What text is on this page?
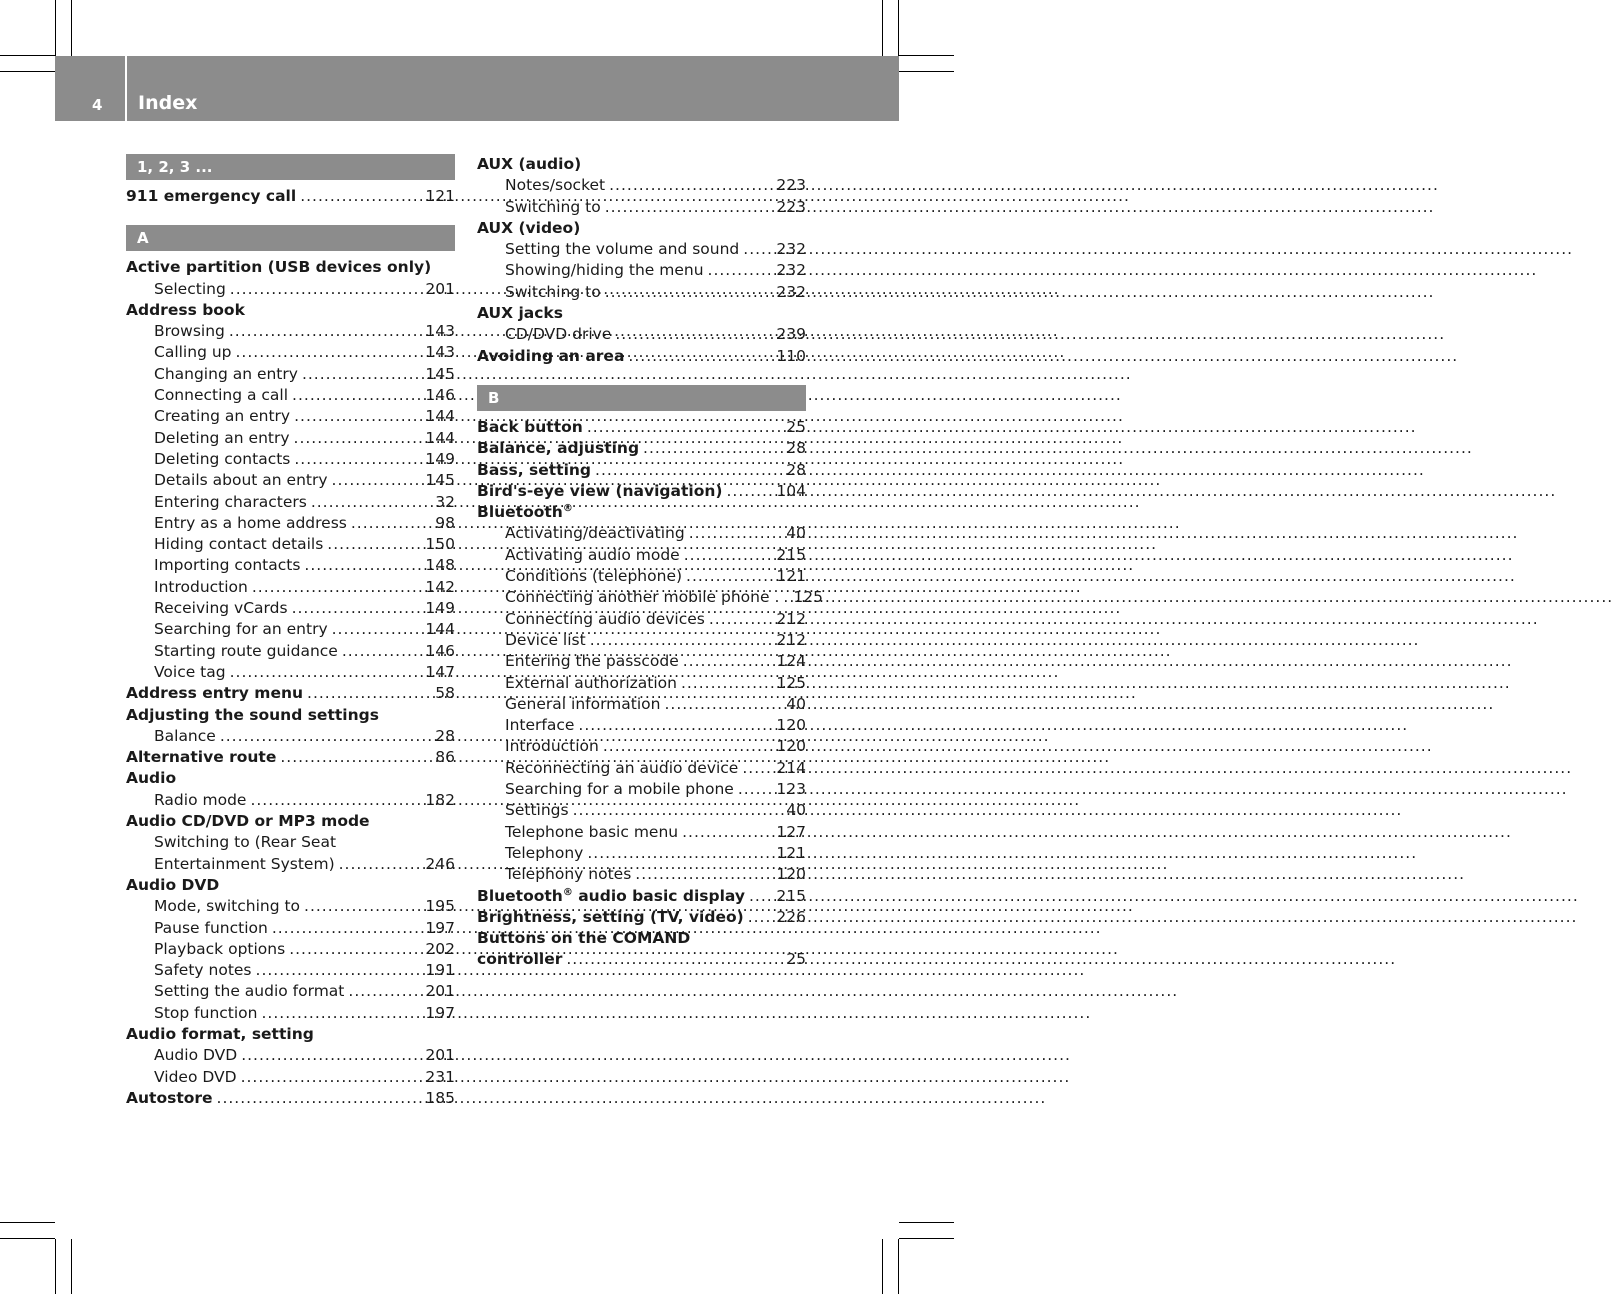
4 Index
1, 2, 3 ...
911 emergency call .....	121
A
Active partition (USB devices only)
Selecting .....	201
Address book
Browsing .....	143
Calling up .....	143
Changing an entry .....	145
Connecting a call .....	146
Creating an entry .....	144
Deleting an entry .....	144
Deleting contacts .....	149
Details about an entry .....	145
Entering characters .....	32
Entry as a home address .....	98
Hiding contact details .....	150
Importing contacts .....	148
Introduction .....	142
Receiving vCards .....	149
Searching for an entry .....	144
Starting route guidance .....	146
Voice tag .....	147
Address entry menu .....	58
Adjusting the sound settings
Balance .....	28
Alternative route .....	86
Audio
Radio mode .....	182
Audio CD/DVD or MP3 mode
Switching to (Rear Seat
Entertainment System) .....	246
Audio DVD
Mode, switching to .....	195
Pause function .....	197
Playback options .....	202
Safety notes .....	191
Setting the audio format .....	201
Stop function .....	197
Audio format, setting
Audio DVD .....	201
Video DVD .....	231
Autostore .....	185
AUX (audio)
Notes/socket .....	223
Switching to .....	223
AUX (video)
Setting the volume and sound ..... 232
Showing/hiding the menu .....	232
Switching to .....	232
AUX jacks
CD/DVD drive .....	239
Avoiding an area .....	110
B
Back button .....	25
Balance, adjusting .....	28
Bass, setting .....	28
Bird's-eye view (navigation) .....	104
Bluetooth®
Activating/deactivating .....	40
Activating audio mode .....	215
Conditions (telephone) .....	121
Connecting another mobile phone . ..... 125
Connecting audio devices .....	212
Device list .....	212
Entering the passcode .....	124
External authorization .....	125
General information .....	40
Interface .....	120
Introduction .....	120
Reconnecting an audio device ..... 214
Searching for a mobile phone .....	123
Settings .....	40
Telephone basic menu .....	127
Telephony .....	121
Telephony notes .....	120
Bluetooth® audio basic display ..... 215
Brightness, setting (TV, video) ..... 226
Buttons on the COMAND
controller .....	25
